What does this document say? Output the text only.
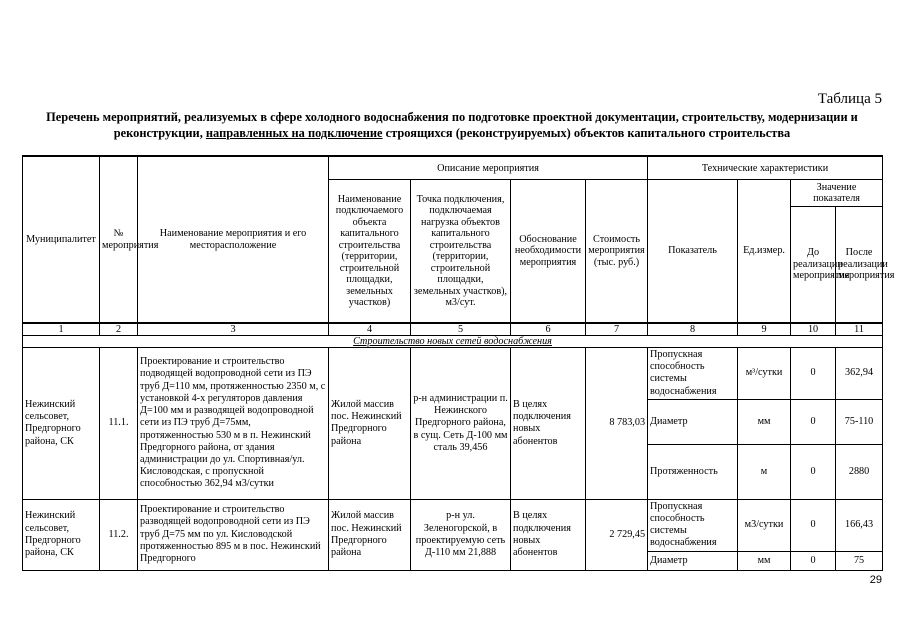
Таблица 5
Перечень мероприятий, реализуемых в сфере холодного водоснабжения по подготовке проектной документации, строительству, модернизации и реконструкции, направленных на подключение строящихся (реконструируемых) объектов капитального строительства
Муниципалитет	№ мероприятия	Наименование мероприятия и его месторасположение	Описание мероприятия				Технические характеристики			
			Наименование подключаемого объекта капитального строительства (территории, строительной площадки, земельных участков)	Точка подключения, подключаемая нагрузка объектов капитального строительства (территории, строительной площадки, земельных участков), м3/сут.	Обоснование необходимости мероприятия	Стоимость мероприятия (тыс. руб.)	Показатель	Ед.измер.	Значение показателя	
									До реализации мероприятия	После реализации мероприятия
1	2	3	4	5	6	7	8	9	10	11
Строительство новых сетей водоснабжения										
Нежинский сельсовет, Предгорного района, СК	11.1.	Проектирование и строительство подводящей водопроводной сети из ПЭ труб Д=110 мм, протяженностью 2350 м, с установкой 4-х регуляторов давления Д=100 мм и разводящей водопроводной сети из ПЭ труб Д=75мм, протяженностью 530 м в п. Нежинский Предгорного района, от здания администрации до ул. Спортивная/ул. Кисловодская, с пропускной способностью 362,94 м3/сутки	Жилой массив пос. Нежинский Предгорного района	р-н администрации п. Нежинского Предгорного района, в сущ. Сеть Д-100 мм сталь 39,456	В целях подключения новых абонентов	8 783,03	Пропускная способность системы водоснабжения	м³/сутки	0	362,94
							Диаметр	мм	0	75-110
							Протяженность	м	0	2880
Нежинский сельсовет, Предгорного района, СК	11.2.	Проектирование и строительство разводящей водопроводной сети из ПЭ труб Д=75 мм по ул. Кисловодской протяженностью 895 м в пос. Нежинский Предгорного	Жилой массив пос. Нежинский Предгорного района	р-н ул. Зеленогорской, в проектируемую сеть Д-110 мм 21,888	В целях подключения новых абонентов	2 729,45	Пропускная способность системы водоснабжения	м3/сутки	0	166,43
							Диаметр	мм	0	75
29
